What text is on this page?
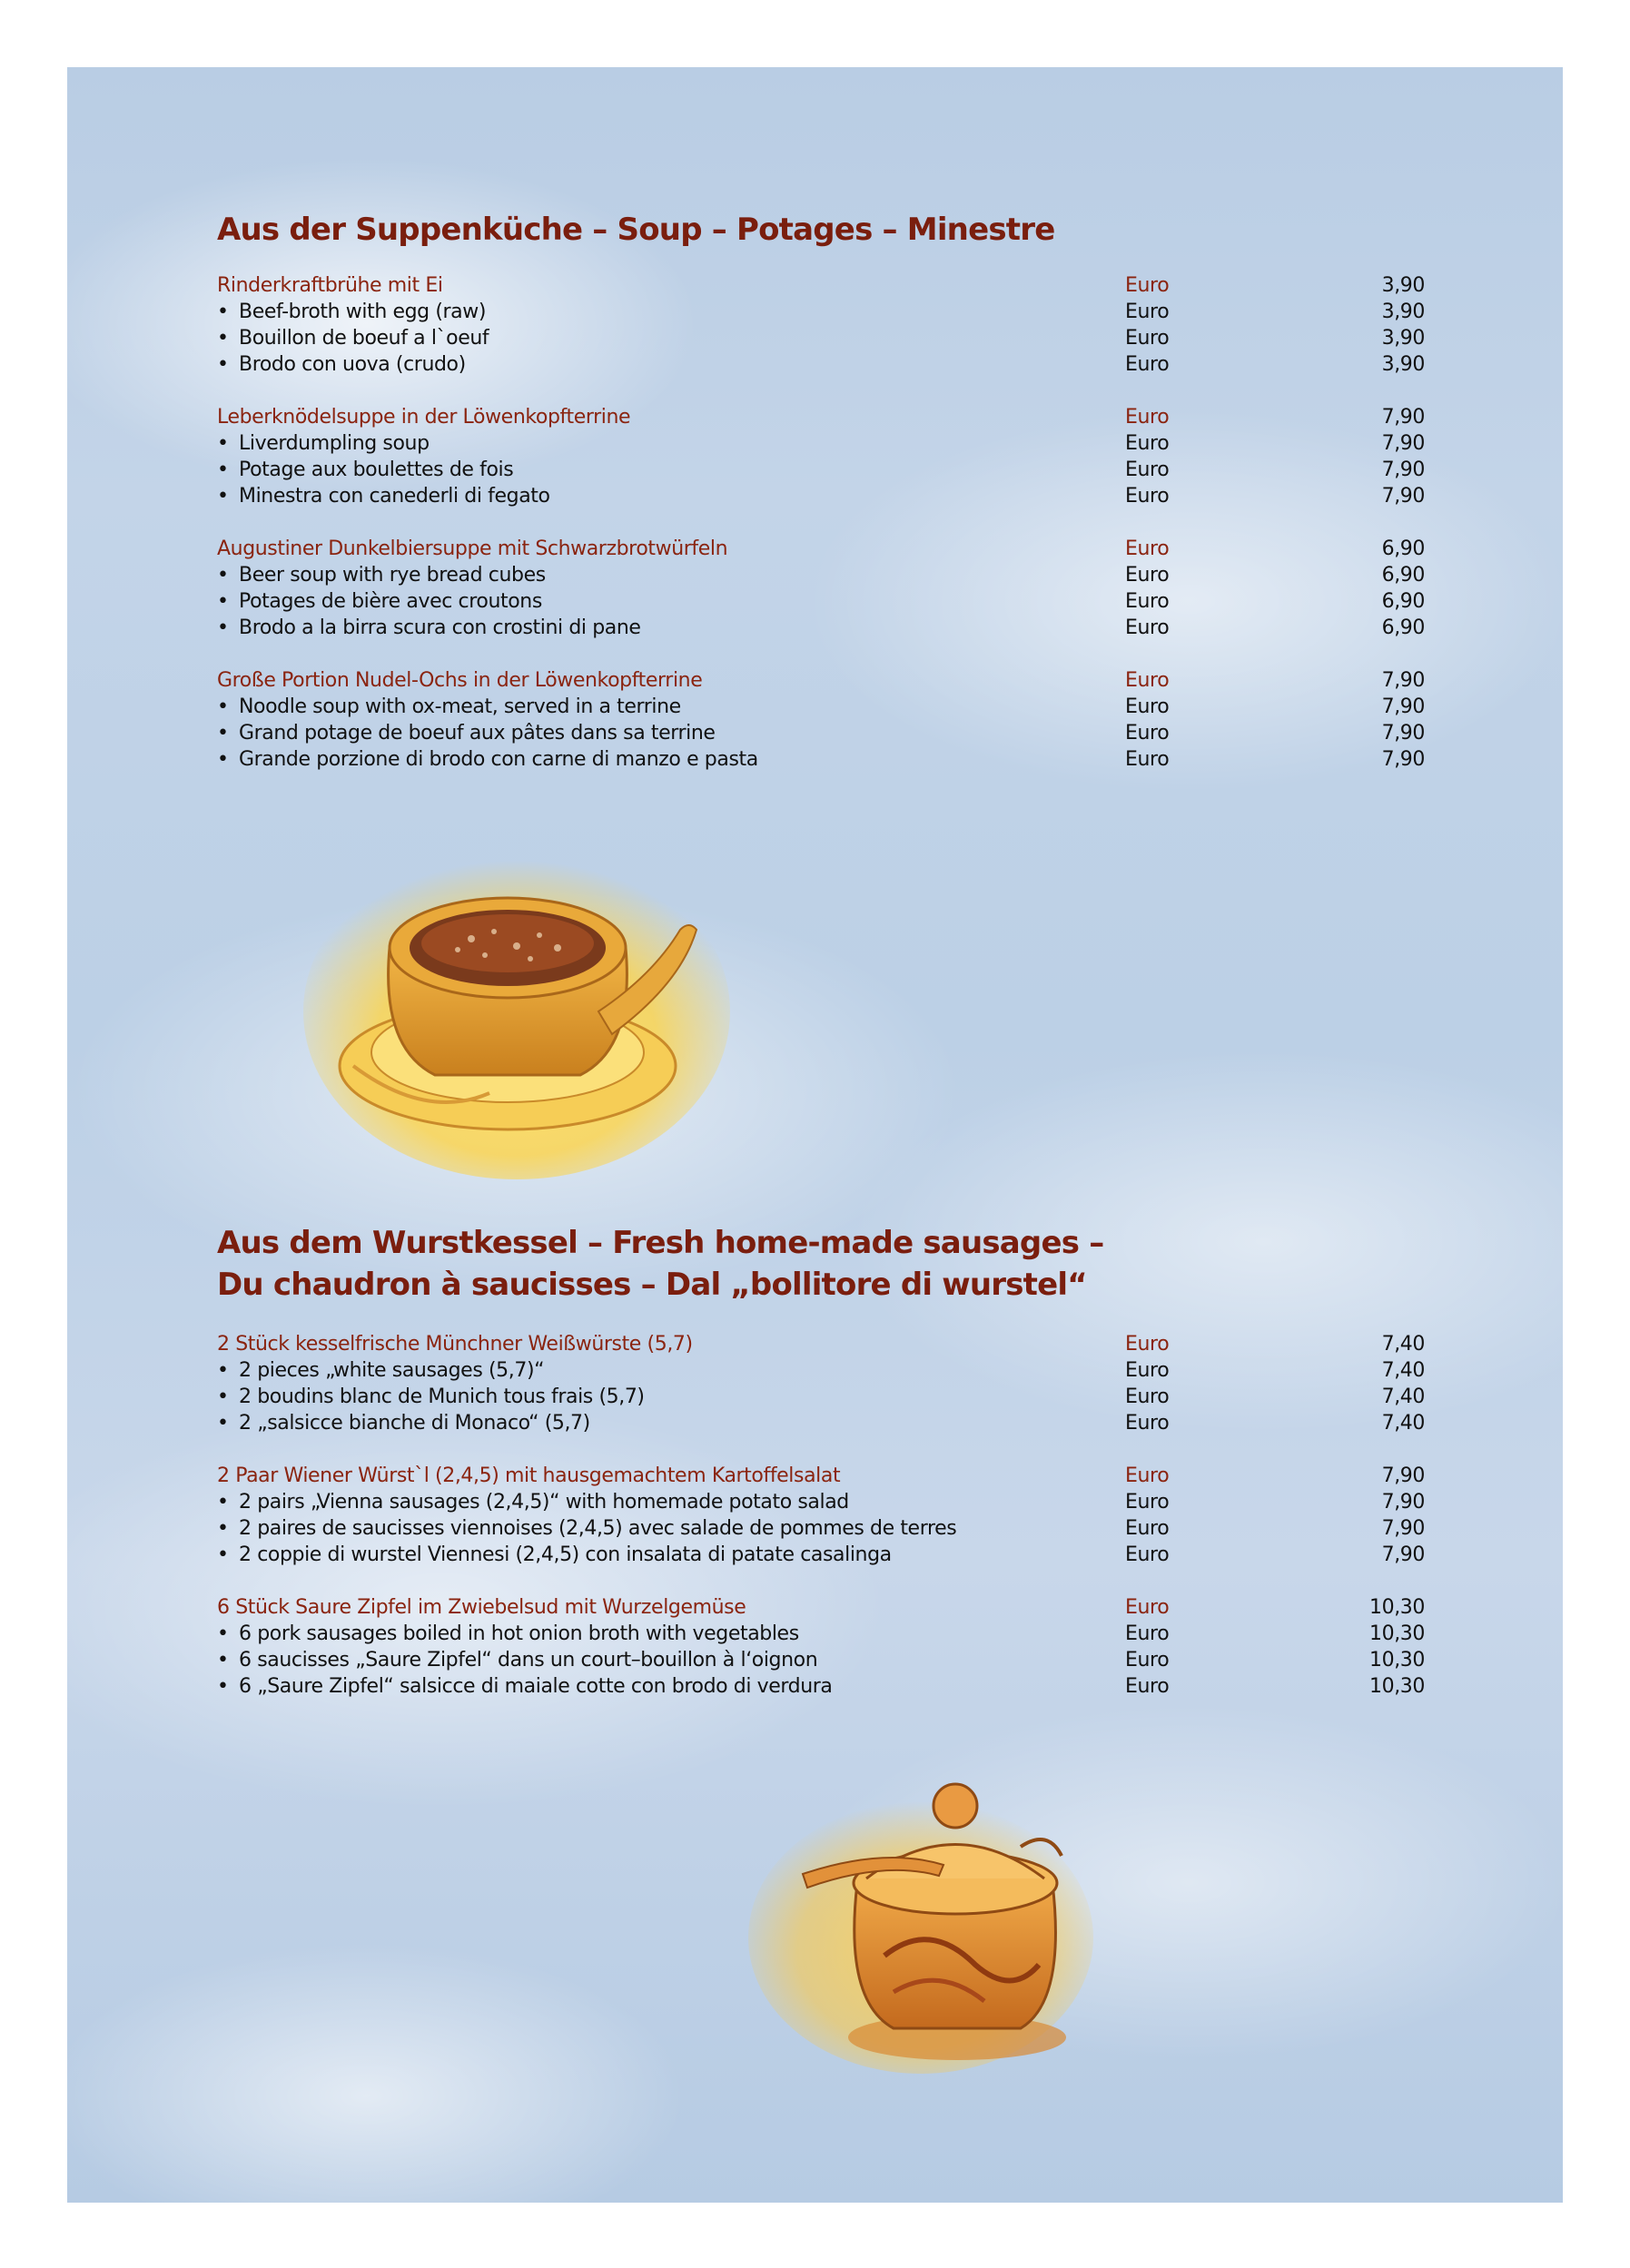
Aus der Suppenküche – Soup – Potages – Minestre
Rinderkraftbrühe mit Ei	Euro	3,90
• Beef-broth with egg (raw)	Euro	3,90
• Bouillon de boeuf a l`oeuf	Euro	3,90
• Brodo con uova (crudo)	Euro	3,90
Leberknödelsuppe in der Löwenkopfterrine	Euro	7,90
• Liverdumpling soup	Euro	7,90
• Potage aux boulettes de fois	Euro	7,90
• Minestra con canederli di fegato	Euro	7,90
Augustiner Dunkelbiersuppe mit Schwarzbrotwürfeln	Euro	6,90
• Beer soup with rye bread cubes	Euro	6,90
• Potages de bière avec croutons	Euro	6,90
• Brodo a la birra scura con crostini di pane	Euro	6,90
Große Portion Nudel-Ochs in der Löwenkopfterrine	Euro	7,90
• Noodle soup with ox-meat, served in a terrine	Euro	7,90
• Grand potage de boeuf aux pâtes dans sa terrine	Euro	7,90
• Grande porzione di brodo con carne di manzo e pasta	Euro	7,90
Aus dem Wurstkessel – Fresh home-made sausages –
Du chaudron à saucisses – Dal „bollitore di wurstel“
2 Stück kesselfrische Münchner Weißwürste (5,7)	Euro	7,40
• 2 pieces „white sausages (5,7)“	Euro	7,40
• 2 boudins blanc de Munich tous frais (5,7)	Euro	7,40
• 2 „salsicce bianche di Monaco“ (5,7)	Euro	7,40
2 Paar Wiener Würst`l (2,4,5) mit hausgemachtem Kartoffelsalat	Euro	7,90
• 2 pairs „Vienna sausages (2,4,5)“ with homemade potato salad	Euro	7,90
• 2 paires de saucisses viennoises (2,4,5) avec salade de pommes de terres	Euro	7,90
• 2 coppie di wurstel Viennesi (2,4,5) con insalata di patate casalinga	Euro	7,90
6 Stück Saure Zipfel im Zwiebelsud mit Wurzelgemüse	Euro	10,30
• 6 pork sausages boiled in hot onion broth with vegetables	Euro	10,30
• 6 saucisses „Saure Zipfel“ dans un court–bouillon à l‘oignon	Euro	10,30
• 6 „Saure Zipfel“ salsicce di maiale cotte con brodo di verdura	Euro	10,30
